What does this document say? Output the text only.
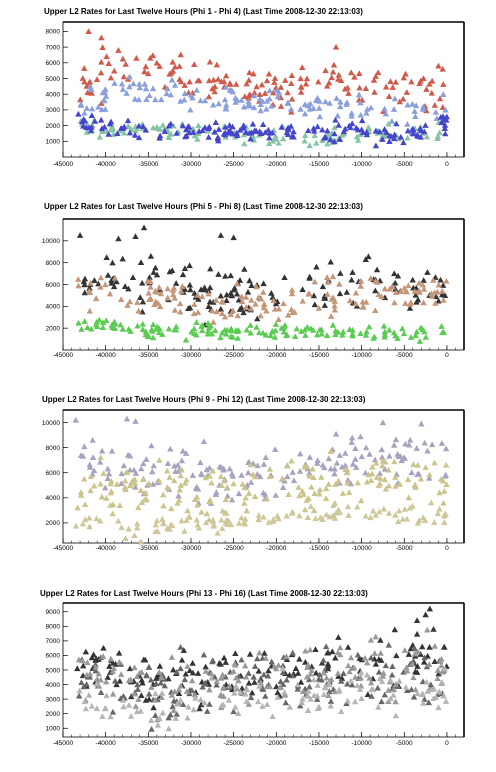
Upper L2 Rates for Last Twelve Hours (Phi 1 - Phi 4) (Last Time 2008-12-30 22:13:03)
-45000	-40000	-35000	-30000	-25000	-20000	-15000	-10000	-5000	0
1000
2000
3000
4000
5000
6000
7000
8000
Upper L2 Rates for Last Twelve Hours (Phi 5 - Phi 8) (Last Time 2008-12-30 22:13:03)
-45000	-40000	-35000	-30000	-25000	-20000	-15000	-10000	-5000	0
2000
4000
6000
8000
10000
Upper L2 Rates for Last Twelve Hours (Phi 9 - Phi 12) (Last Time 2008-12-30 22:13:03)
-45000	-40000	-35000	-30000	-25000	-20000	-15000	-10000	-5000	0
2000
4000
6000
8000
10000
Upper L2 Rates for Last Twelve Hours (Phi 13 - Phi 16) (Last Time 2008-12-30 22:13:03)
-45000	-40000	-35000	-30000	-25000	-20000	-15000	-10000	-5000	0
1000
2000
3000
4000
5000
6000
7000
8000
9000
